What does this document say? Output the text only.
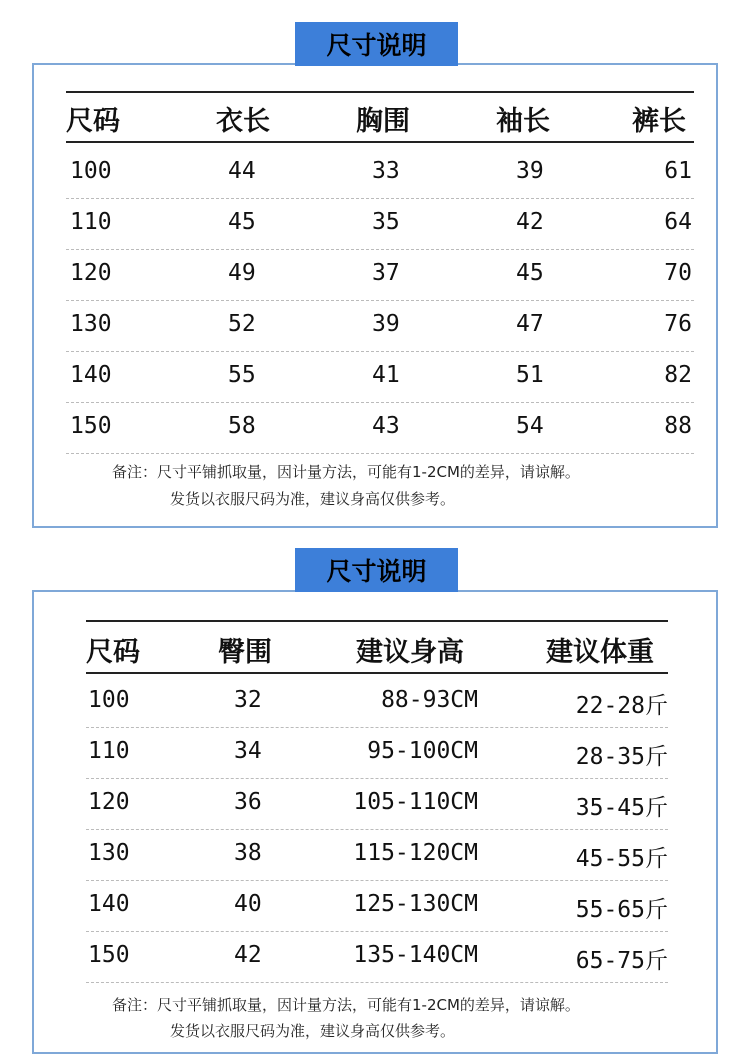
尺寸说明
尺码	衣长	胸围	袖长	裤长
100	44	33	39	61
110	45	35	42	64
120	49	37	45	70
130	52	39	47	76
140	55	41	51	82
150	58	43	54	88
备注：尺寸平铺抓取量，因计量方法，可能有1-2CM的差异，请谅解。
发货以衣服尺码为准，建议身高仅供参考。
尺寸说明
尺码	臀围	建议身高	建议体重
100	32	88-93CM	22-28斤
110	34	95-100CM	28-35斤
120	36	105-110CM	35-45斤
130	38	115-120CM	45-55斤
140	40	125-130CM	55-65斤
150	42	135-140CM	65-75斤
备注：尺寸平铺抓取量，因计量方法，可能有1-2CM的差异，请谅解。
发货以衣服尺码为准，建议身高仅供参考。
